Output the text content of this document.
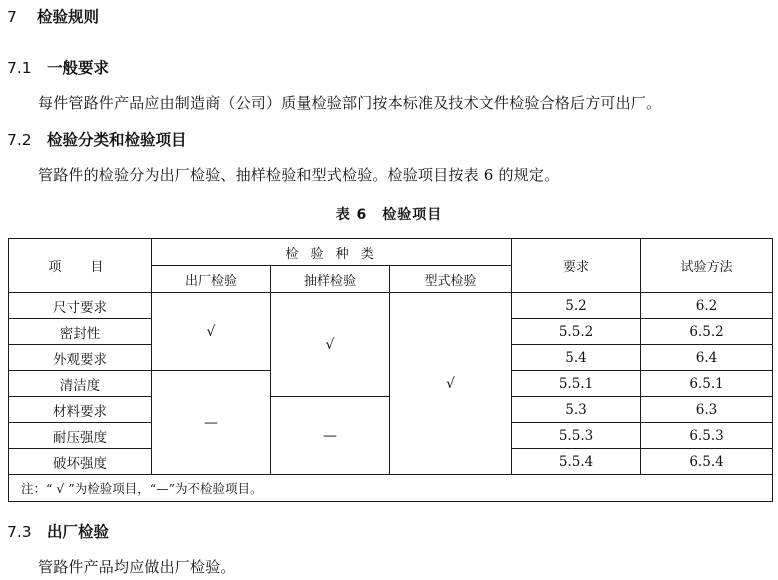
7 检验规则
7.1 一般要求
每件管路件产品应由制造商（公司）质量检验部门按本标准及技术文件检验合格后方可出厂。
7.2 检验分类和检验项目
管路件的检验分为出厂检验、抽样检验和型式检验。检验项目按表 6 的规定。
表 6　检验项目
项　目	检 验 种 类			要求	试验方法
	出厂检验	抽样检验	型式检验		
尺寸要求	√	√	√	5.2	6.2
密封性				5.5.2	6.5.2
外观要求				5.4	6.4
清洁度	—			5.5.1	6.5.1
材料要求		—		5.3	6.3
耐压强度				5.5.3	6.5.3
破坏强度				5.5.4	6.5.4
注：“ √ ”为检验项目，“—”为不检验项目。					
7.3 出厂检验
管路件产品均应做出厂检验。
